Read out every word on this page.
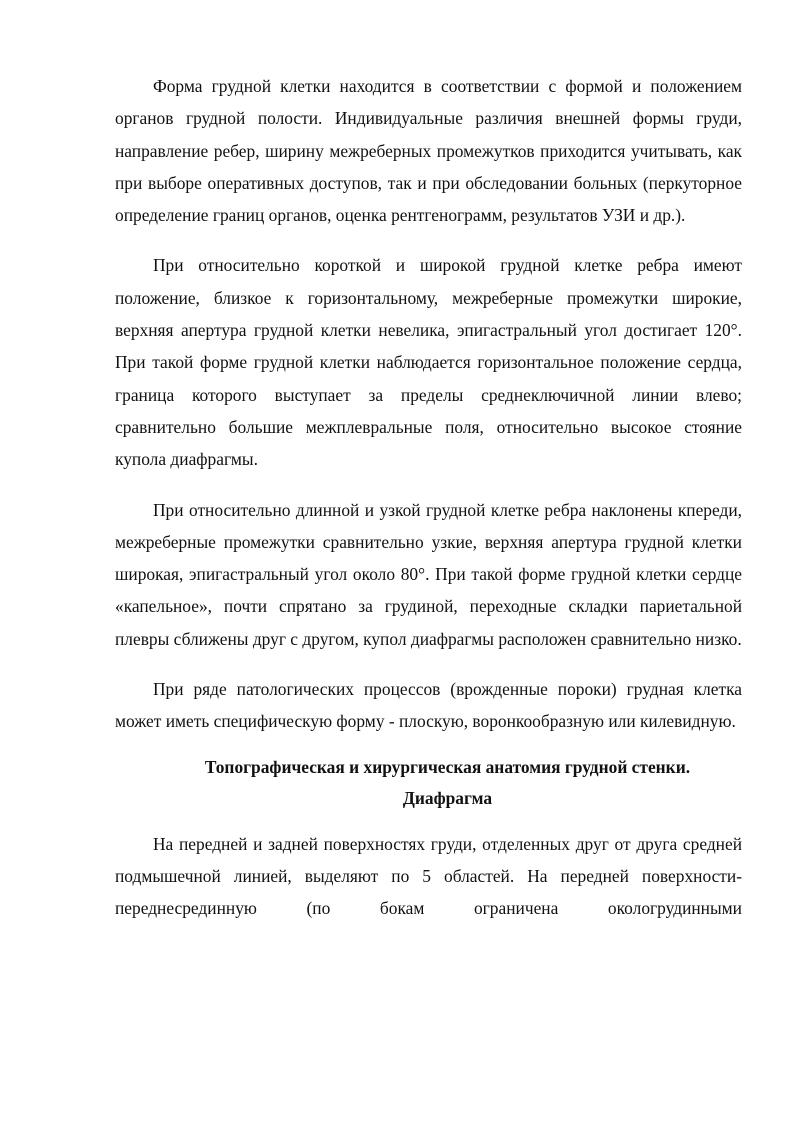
Форма грудной клетки находится в соответствии с формой и положением органов грудной полости. Индивидуальные различия внешней формы груди, направление ребер, ширину межреберных промежутков приходится учитывать, как при выборе оперативных доступов, так и при обследовании больных (перкуторное определение границ органов, оценка рентгенограмм, результатов УЗИ и др.).

При относительно короткой и широкой грудной клетке ребра имеют положение, близкое к горизонтальному, межреберные промежутки широкие, верхняя апертура грудной клетки невелика, эпигастральный угол достигает 120°. При такой форме грудной клетки наблюдается горизонтальное положение сердца, граница которого выступает за пределы среднеключичной линии влево; сравнительно большие межплевральные поля, относительно высокое стояние купола диафрагмы.

При относительно длинной и узкой грудной клетке ребра наклонены кпереди, межреберные промежутки сравнительно узкие, верхняя апертура грудной клетки широкая, эпигастральный угол около 80°. При такой форме грудной клетки сердце «капельное», почти спрятано за грудиной, переходные складки париетальной плевры сближены друг с другом, купол диафрагмы расположен сравнительно низко.

При ряде патологических процессов (врожденные пороки) грудная клетка может иметь специфическую форму - плоскую, воронкообразную или килевидную.

Топографическая и хирургическая анатомия грудной стенки.

Диафрагма

На передней и задней поверхностях груди, отделенных друг от друга средней подмышечной линией, выделяют по 5 областей. На передней поверхности-переднесрединную (по бокам ограничена окологрудинными
